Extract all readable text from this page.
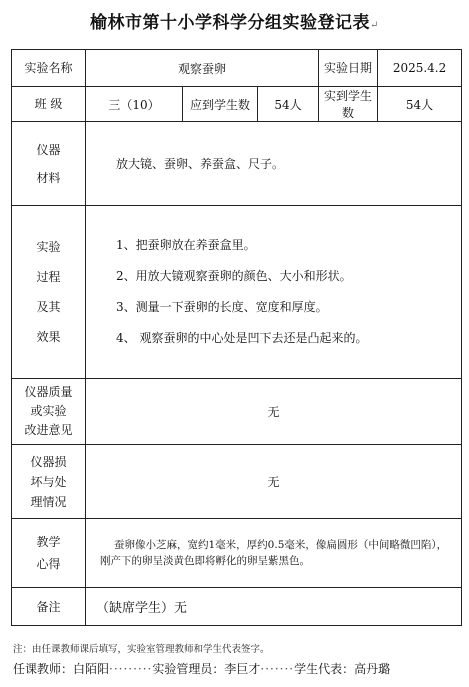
榆林市第十小学科学分组实验登记表↵
实验名称	观察蚕卵			实验日期	2025.4.2
班 级	三（10）	应到学生数	54人	实到学生数	54人

仪器
材料	放大镜、蚕卵、养蚕盒、尺子。				

实验
过程
及其
效果	1、把蚕卵放在养蚕盒里。
2、用放大镜观察蚕卵的颜色、大小和形状。
3、测量一下蚕卵的长度、宽度和厚度。
4、 观察蚕卵的中心处是凹下去还是凸起来的。				

仪器质量
或实验
改进意见	无				

仪器损
坏与处
理情况	无				

教学
心得	蚕卵像小芝麻，宽约1毫米，厚约0.5毫米，像扁圆形（中间略微凹陷），刚产下的卵呈淡黄色即将孵化的卵呈紫黑色。				
备注	（缺席学生）无				
注：由任课教师课后填写，实验室管理教师和学生代表签字。
任课教师：白陌阳·········实验管理员：李巨才·······学生代表：高丹璐
